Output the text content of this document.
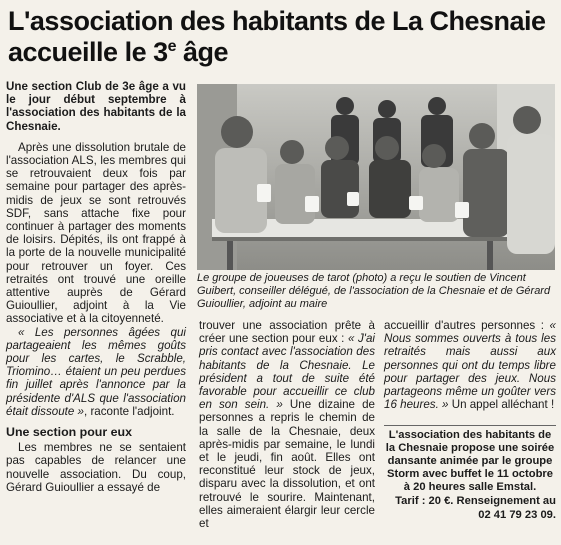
L'association des habitants de La Chesnaie
accueille le 3e âge

Une section Club de 3e âge a vu le jour début septembre à l'association des habitants de la Chesnaie.

Après une dissolution brutale de l'association ALS, les membres qui se retrouvaient deux fois par semaine pour partager des après-midis de jeux se sont retrouvés SDF, sans attache fixe pour continuer à partager des moments de loisirs. Dépités, ils ont frappé à la porte de la nouvelle municipalité pour retrouver un foyer. Ces retraités ont trouvé une oreille attentive auprès de Gérard Guioullier, adjoint à la Vie associative et à la citoyenneté.

« Les personnes âgées qui partageaient les mêmes goûts pour les cartes, le Scrabble, Triomino… étaient un peu perdues fin juillet après l'annonce par la présidente d'ALS que l'association était dissoute », raconte l'adjoint.

Une section pour eux

Les membres ne se sentaient pas capables de relancer une nouvelle association. Du coup, Gérard Guioullier a essayé de

Le groupe de joueuses de tarot (photo) a reçu le soutien de Vincent Guibert, conseiller délégué, de l'association de la Chesnaie et de Gérard Guioullier, adjoint au maire

trouver une association prête à créer une section pour eux : « J'ai pris contact avec l'association des habitants de la Chesnaie. Le président a tout de suite été favorable pour accueillir ce club en son sein. » Une dizaine de personnes a repris le chemin de la salle de la Chesnaie, deux après-midis par semaine, le lundi et le jeudi, fin août. Elles ont reconstitué leur stock de jeux, disparu avec la dissolution, et ont retrouvé le sourire. Maintenant, elles aimeraient élargir leur cercle et

accueillir d'autres personnes : « Nous sommes ouverts à tous les retraités mais aussi aux personnes qui ont du temps libre pour partager des jeux. Nous partageons même un goûter vers 16 heures. » Un appel alléchant !

L'association des habitants de la Chesnaie propose une soirée dansante animée par le groupe Storm avec buffet le 11 octobre à 20 heures salle Emstal.
Tarif : 20 €. Renseignement au 02 41 79 23 09.
